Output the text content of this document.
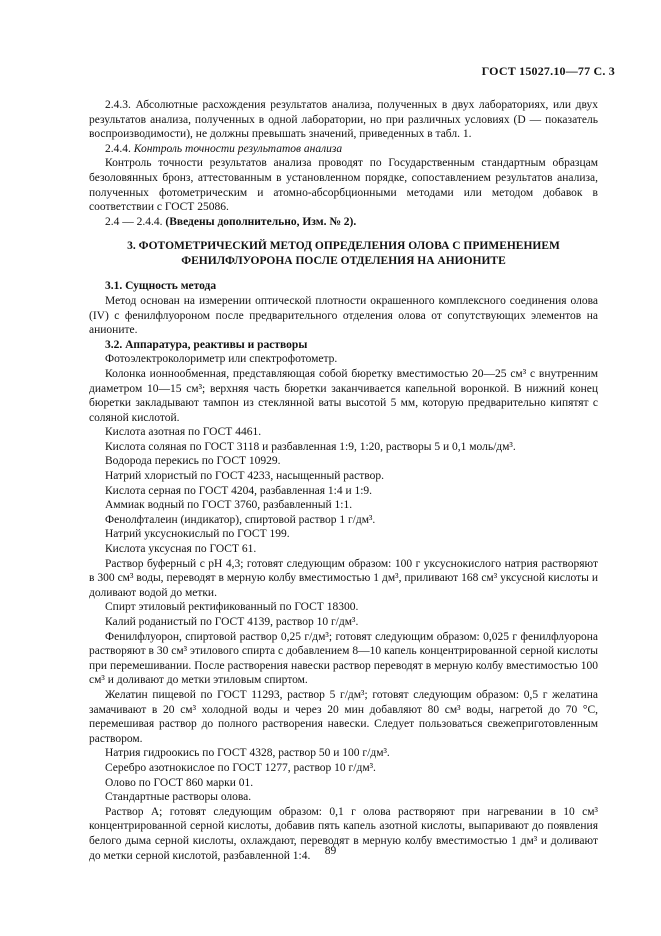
ГОСТ 15027.10—77 С. 3

2.4.3. Абсолютные расхождения результатов анализа, полученных в двух лабораториях, или двух результатов анализа, полученных в одной лаборатории, но при различных условиях (D — показатель воспроизводимости), не должны превышать значений, приведенных в табл. 1.

2.4.4. Контроль точности результатов анализа

Контроль точности результатов анализа проводят по Государственным стандартным образцам безоловянных бронз, аттестованным в установленном порядке, сопоставлением результатов анализа, полученных фотометрическим и атомно-абсорбционными методами или методом добавок в соответствии с ГОСТ 25086.

2.4 — 2.4.4. (Введены дополнительно, Изм. № 2).

3. ФОТОМЕТРИЧЕСКИЙ МЕТОД ОПРЕДЕЛЕНИЯ ОЛОВА С ПРИМЕНЕНИЕМ ФЕНИЛФЛУОРОНА ПОСЛЕ ОТДЕЛЕНИЯ НА АНИОНИТЕ

3.1. Сущность метода

Метод основан на измерении оптической плотности окрашенного комплексного соединения олова (IV) с фенилфлуороном после предварительного отделения олова от сопутствующих элементов на анионите.

3.2. Аппаратура, реактивы и растворы

Фотоэлектроколориметр или спектрофотометр.

Колонка ионнообменная, представляющая собой бюретку вместимостью 20—25 см³ с внутренним диаметром 10—15 см³; верхняя часть бюретки заканчивается капельной воронкой. В нижний конец бюретки закладывают тампон из стеклянной ваты высотой 5 мм, которую предварительно кипятят с соляной кислотой.

Кислота азотная по ГОСТ 4461.

Кислота соляная по ГОСТ 3118 и разбавленная 1:9, 1:20, растворы 5 и 0,1 моль/дм³.

Водорода перекись по ГОСТ 10929.

Натрий хлористый по ГОСТ 4233, насыщенный раствор.

Кислота серная по ГОСТ 4204, разбавленная 1:4 и 1:9.

Аммиак водный по ГОСТ 3760, разбавленный 1:1.

Фенолфталеин (индикатор), спиртовой раствор 1 г/дм³.

Натрий уксуснокислый по ГОСТ 199.

Кислота уксусная по ГОСТ 61.

Раствор буферный с рН 4,3; готовят следующим образом: 100 г уксуснокислого натрия растворяют в 300 см³ воды, переводят в мерную колбу вместимостью 1 дм³, приливают 168 см³ уксусной кислоты и доливают водой до метки.

Спирт этиловый ректификованный по ГОСТ 18300.

Калий роданистый по ГОСТ 4139, раствор 10 г/дм³.

Фенилфлуорон, спиртовой раствор 0,25 г/дм³; готовят следующим образом: 0,025 г фенилфлуорона растворяют в 30 см³ этилового спирта с добавлением 8—10 капель концентрированной серной кислоты при перемешивании. После растворения навески раствор переводят в мерную колбу вместимостью 100 см³ и доливают до метки этиловым спиртом.

Желатин пищевой по ГОСТ 11293, раствор 5 г/дм³; готовят следующим образом: 0,5 г желатина замачивают в 20 см³ холодной воды и через 20 мин добавляют 80 см³ воды, нагретой до 70 °С, перемешивая раствор до полного растворения навески. Следует пользоваться свежеприготовленным раствором.

Натрия гидроокись по ГОСТ 4328, раствор 50 и 100 г/дм³.

Серебро азотнокислое по ГОСТ 1277, раствор 10 г/дм³.

Олово по ГОСТ 860 марки 01.

Стандартные растворы олова.

Раствор А; готовят следующим образом: 0,1 г олова растворяют при нагревании в 10 см³ концентрированной серной кислоты, добавив пять капель азотной кислоты, выпаривают до появления белого дыма серной кислоты, охлаждают, переводят в мерную колбу вместимостью 1 дм³ и доливают до метки серной кислотой, разбавленной 1:4.	89
